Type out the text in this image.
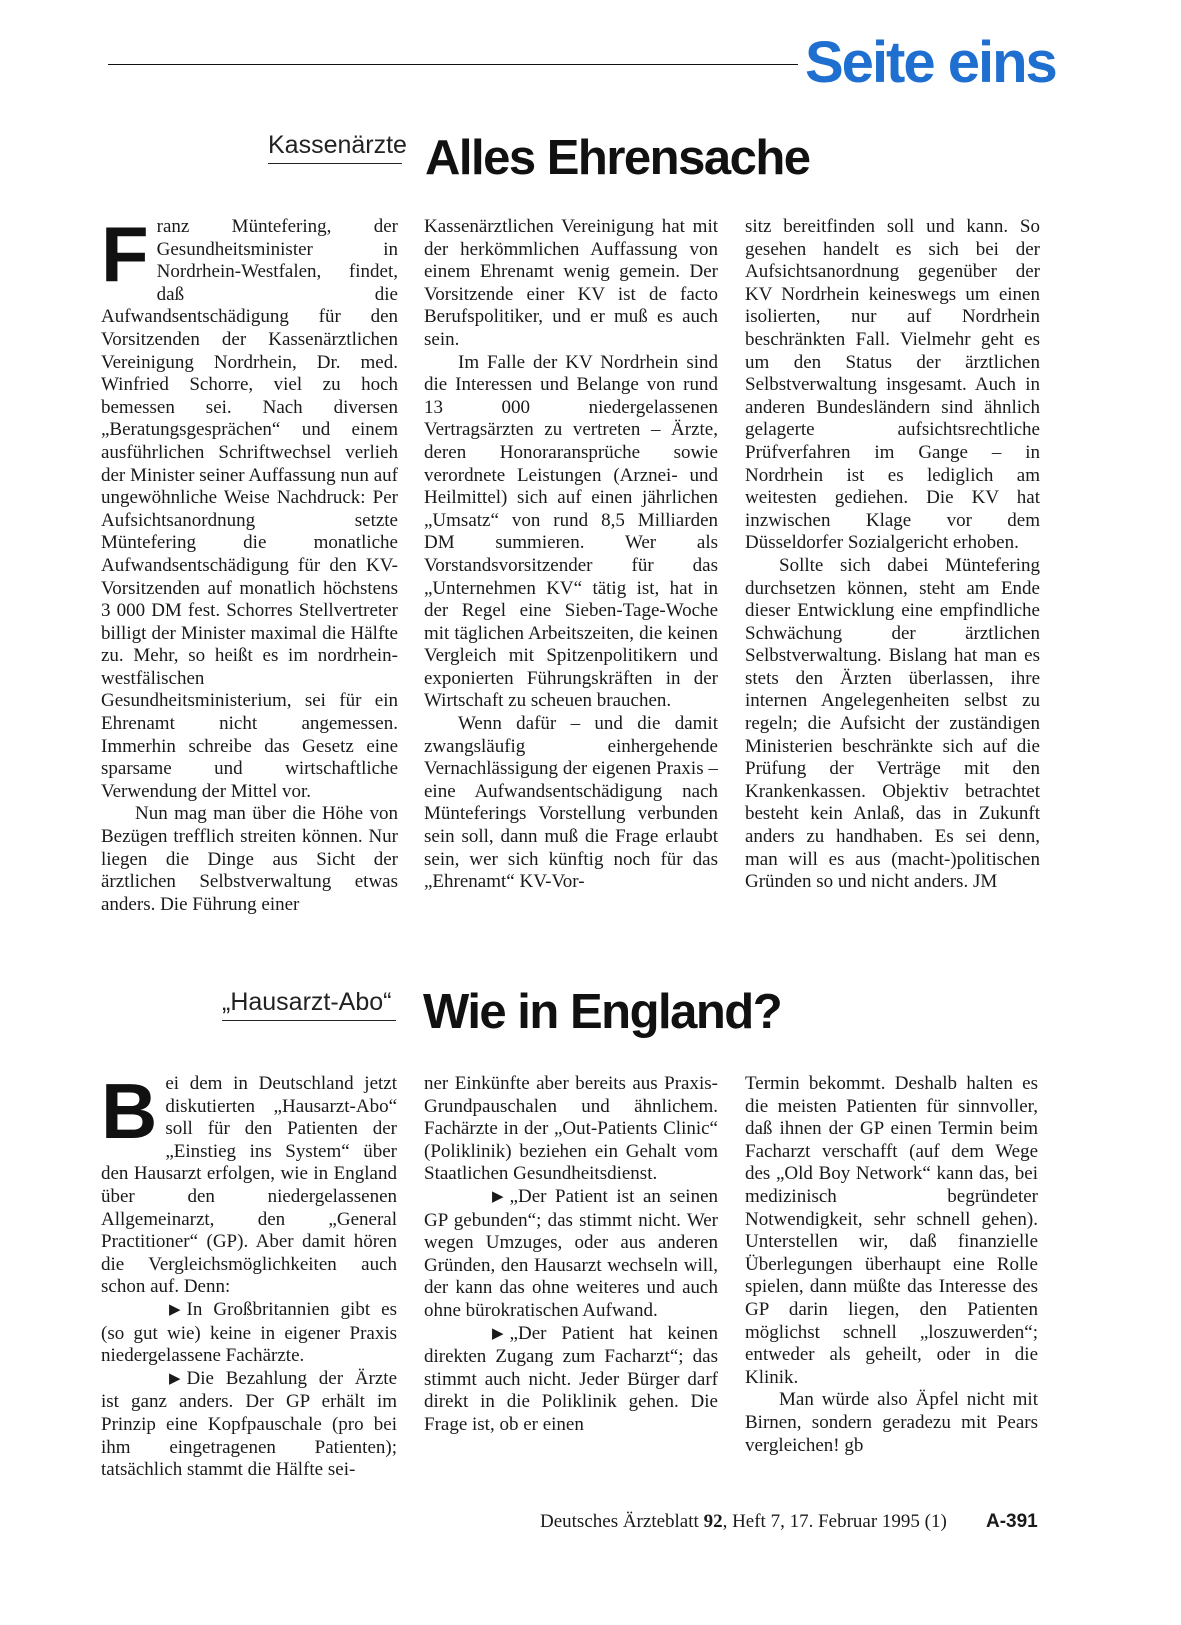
Seite eins
Kassenärzte Alles Ehrensache

Franz Müntefering, der Gesundheitsminister in Nordrhein-Westfalen, findet, daß die Aufwandsentschädigung für den Vorsitzenden der Kassenärztlichen Vereinigung Nordrhein, Dr. med. Winfried Schorre, viel zu hoch bemessen sei. Nach diversen „Beratungsgesprächen“ und einem ausführlichen Schriftwechsel verlieh der Minister seiner Auffassung nun auf ungewöhnliche Weise Nachdruck: Per Aufsichtsanordnung setzte Müntefering die monatliche Aufwandsentschädigung für den KV-Vorsitzenden auf monatlich höchstens 3 000 DM fest. Schorres Stellvertreter billigt der Minister maximal die Hälfte zu. Mehr, so heißt es im nordrhein-westfälischen Gesundheitsministerium, sei für ein Ehrenamt nicht angemessen. Immerhin schreibe das Gesetz eine sparsame und wirtschaftliche Verwendung der Mittel vor.

Nun mag man über die Höhe von Bezügen trefflich streiten können. Nur liegen die Dinge aus Sicht der ärztlichen Selbstverwaltung etwas anders. Die Führung einer

Kassenärztlichen Vereinigung hat mit der herkömmlichen Auffassung von einem Ehrenamt wenig gemein. Der Vorsitzende einer KV ist de facto Berufspolitiker, und er muß es auch sein.

Im Falle der KV Nordrhein sind die Interessen und Belange von rund 13 000 niedergelassenen Vertragsärzten zu vertreten – Ärzte, deren Honoraransprüche sowie verordnete Leistungen (Arznei- und Heilmittel) sich auf einen jährlichen „Umsatz“ von rund 8,5 Milliarden DM summieren. Wer als Vorstandsvorsitzender für das „Unternehmen KV“ tätig ist, hat in der Regel eine Sieben-Tage-Woche mit täglichen Arbeitszeiten, die keinen Vergleich mit Spitzenpolitikern und exponierten Führungskräften in der Wirtschaft zu scheuen brauchen.

Wenn dafür – und die damit zwangsläufig einhergehende Vernachlässigung der eigenen Praxis – eine Aufwandsentschädigung nach Münteferings Vorstellung verbunden sein soll, dann muß die Frage erlaubt sein, wer sich künftig noch für das „Ehrenamt“ KV-Vor-

sitz bereitfinden soll und kann. So gesehen handelt es sich bei der Aufsichtsanordnung gegenüber der KV Nordrhein keineswegs um einen isolierten, nur auf Nordrhein beschränkten Fall. Vielmehr geht es um den Status der ärztlichen Selbstverwaltung insgesamt. Auch in anderen Bundesländern sind ähnlich gelagerte aufsichtsrechtliche Prüfverfahren im Gange – in Nordrhein ist es lediglich am weitesten gediehen. Die KV hat inzwischen Klage vor dem Düsseldorfer Sozialgericht erhoben.

Sollte sich dabei Müntefering durchsetzen können, steht am Ende dieser Entwicklung eine empfindliche Schwächung der ärztlichen Selbstverwaltung. Bislang hat man es stets den Ärzten überlassen, ihre internen Angelegenheiten selbst zu regeln; die Aufsicht der zuständigen Ministerien beschränkte sich auf die Prüfung der Verträge mit den Krankenkassen. Objektiv betrachtet besteht kein Anlaß, das in Zukunft anders zu handhaben. Es sei denn, man will es aus (macht-)politischen Gründen so und nicht anders. JM

„Hausarzt-Abo“ Wie in England?

Bei dem in Deutschland jetzt diskutierten „Hausarzt-Abo“ soll für den Patienten der „Einstieg ins System“ über den Hausarzt erfolgen, wie in England über den niedergelassenen Allgemeinarzt, den „General Practitioner“ (GP). Aber damit hören die Vergleichsmöglichkeiten auch schon auf. Denn:

▶ In Großbritannien gibt es (so gut wie) keine in eigener Praxis niedergelassene Fachärzte.

▶ Die Bezahlung der Ärzte ist ganz anders. Der GP erhält im Prinzip eine Kopfpauschale (pro bei ihm eingetragenen Patienten); tatsächlich stammt die Hälfte sei-

ner Einkünfte aber bereits aus Praxis-Grundpauschalen und ähnlichem. Fachärzte in der „Out-Patients Clinic“ (Poliklinik) beziehen ein Gehalt vom Staatlichen Gesundheitsdienst.

▶ „Der Patient ist an seinen GP gebunden“; das stimmt nicht. Wer wegen Umzuges, oder aus anderen Gründen, den Hausarzt wechseln will, der kann das ohne weiteres und auch ohne bürokratischen Aufwand.

▶ „Der Patient hat keinen direkten Zugang zum Facharzt“; das stimmt auch nicht. Jeder Bürger darf direkt in die Poliklinik gehen. Die Frage ist, ob er einen

Termin bekommt. Deshalb halten es die meisten Patienten für sinnvoller, daß ihnen der GP einen Termin beim Facharzt verschafft (auf dem Wege des „Old Boy Network“ kann das, bei medizinisch begründeter Notwendigkeit, sehr schnell gehen). Unterstellen wir, daß finanzielle Überlegungen überhaupt eine Rolle spielen, dann müßte das Interesse des GP darin liegen, den Patienten möglichst schnell „loszuwerden“; entweder als geheilt, oder in die Klinik.

Man würde also Äpfel nicht mit Birnen, sondern geradezu mit Pears vergleichen! gb

Deutsches Ärzteblatt 92, Heft 7, 17. Februar 1995 (1) A-391
